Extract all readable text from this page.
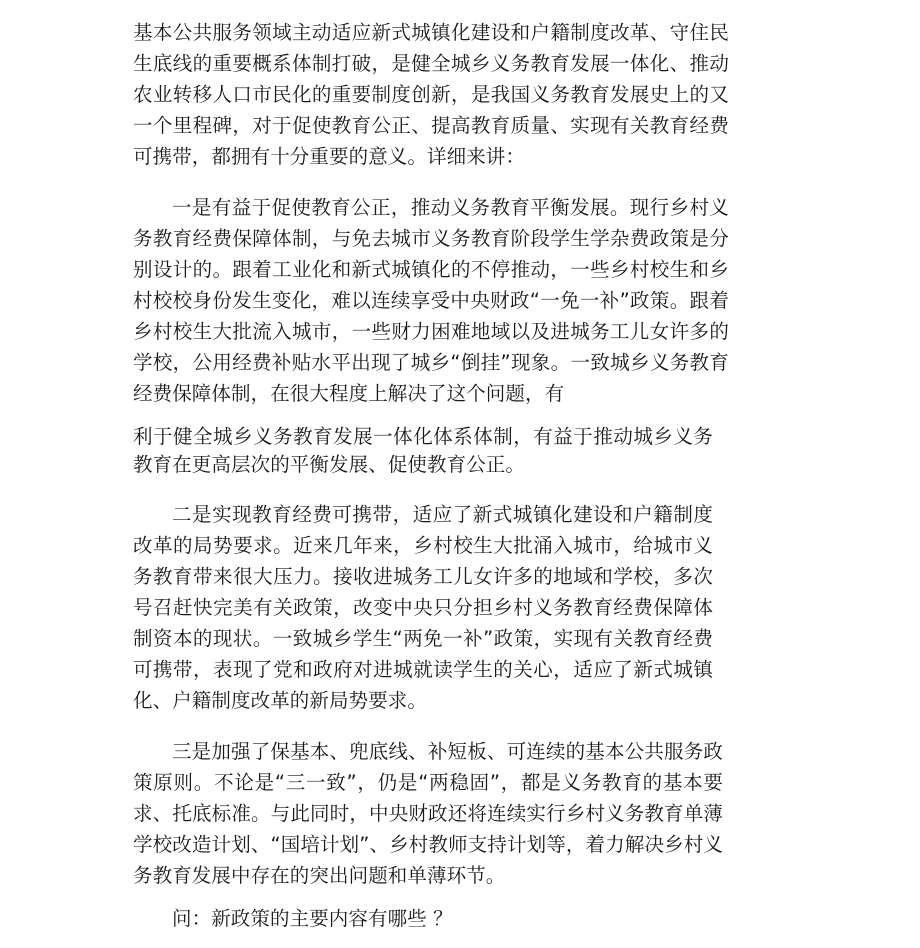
基本公共服务领域主动适应新式城镇化建设和户籍制度改革、守住民生底线的重要概系体制打破，是健全城乡义务教育发展一体化、推动农业转移人口市民化的重要制度创新，是我国义务教育发展史上的又一个里程碑，对于促使教育公正、提高教育质量、实现有关教育经费可携带，都拥有十分重要的意义。详细来讲：

一是有益于促使教育公正，推动义务教育平衡发展。现行乡村义务教育经费保障体制，与免去城市义务教育阶段学生学杂费政策是分别设计的。跟着工业化和新式城镇化的不停推动，一些乡村校生和乡村校校身份发生变化，难以连续享受中央财政“一免一补”政策。跟着乡村校生大批流入城市，一些财力困难地域以及进城务工儿女许多的学校，公用经费补贴水平出现了城乡“倒挂”现象。一致城乡义务教育经费保障体制，在很大程度上解决了这个问题，有

利于健全城乡义务教育发展一体化体系体制，有益于推动城乡义务教育在更高层次的平衡发展、促使教育公正。

二是实现教育经费可携带，适应了新式城镇化建设和户籍制度改革的局势要求。近来几年来，乡村校生大批涌入城市，给城市义务教育带来很大压力。接收进城务工儿女许多的地域和学校，多次号召赶快完美有关政策，改变中央只分担乡村义务教育经费保障体制资本的现状。一致城乡学生“两免一补”政策，实现有关教育经费可携带，表现了党和政府对进城就读学生的关心，适应了新式城镇化、户籍制度改革的新局势要求。

三是加强了保基本、兜底线、补短板、可连续的基本公共服务政策原则。不论是“三一致”，仍是“两稳固”，都是义务教育的基本要求、托底标准。与此同时，中央财政还将连续实行乡村义务教育单薄学校改造计划、“国培计划”、乡村教师支持计划等，着力解决乡村义务教育发展中存在的突出问题和单薄环节。

问：新政策的主要内容有哪些 ？
